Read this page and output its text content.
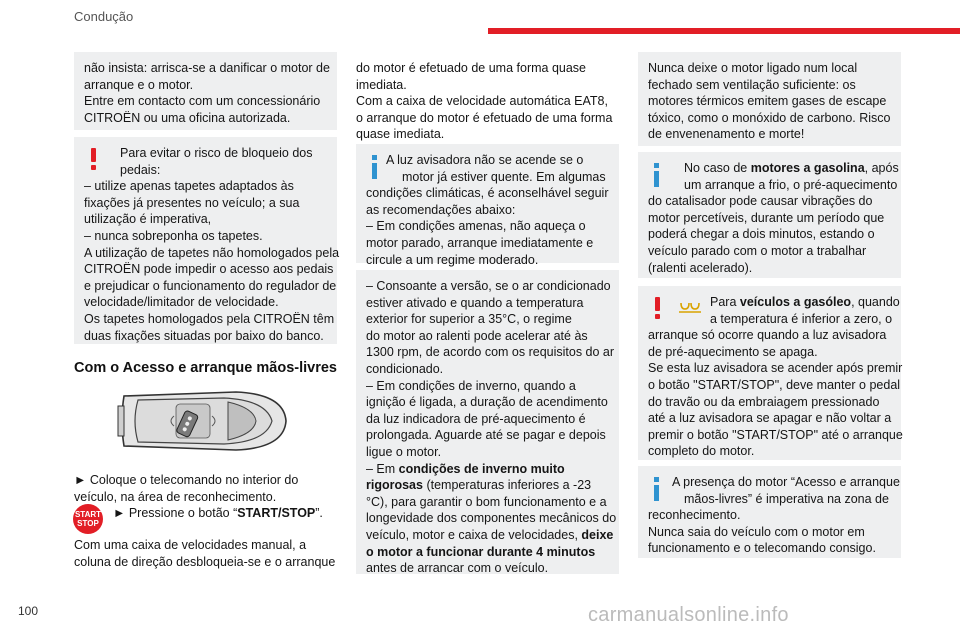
Condução
não insista: arrisca-se a danificar o motor de
arranque e o motor.
Entre em contacto com um concessionário
CITROËN ou uma oficina autorizada.
Para evitar o risco de bloqueio dos
pedais:
– utilize apenas tapetes adaptados às
fixações já presentes no veículo; a sua
utilização é imperativa,
– nunca sobreponha os tapetes.
A utilização de tapetes não homologados pela
CITROËN pode impedir o acesso aos pedais
e prejudicar o funcionamento do regulador de
velocidade/limitador de velocidade.
Os tapetes homologados pela CITROËN têm
duas fixações situadas por baixo do banco.
Com o Acesso e arranque mãos-livres
► Coloque o telecomando no interior do
veículo, na área de reconhecimento.
START
STOP
► Pressione o botão “START/STOP”.
Com uma caixa de velocidades manual, a
coluna de direção desbloqueia-se e o arranque
do motor é efetuado de uma forma quase
imediata.
Com a caixa de velocidade automática EAT8,
o arranque do motor é efetuado de uma forma
quase imediata.
A luz avisadora não se acende se o
motor já estiver quente. Em algumas
condições climáticas, é aconselhável seguir
as recomendações abaixo:
– Em condições amenas, não aqueça o
motor parado, arranque imediatamente e
circule a um regime moderado.
– Consoante a versão, se o ar condicionado
estiver ativado e quando a temperatura
exterior for superior a 35°C, o regime
do motor ao ralenti pode acelerar até às
1300 rpm, de acordo com os requisitos do ar
condicionado.
– Em condições de inverno, quando a
ignição é ligada, a duração de acendimento
da luz indicadora de pré-aquecimento é
prolongada. Aguarde até se pagar e depois
ligue o motor.
– Em condições de inverno muito
rigorosas (temperaturas inferiores a -23
°C), para garantir o bom funcionamento e a
longevidade dos componentes mecânicos do
veículo, motor e caixa de velocidades, deixe
o motor a funcionar durante 4 minutos
antes de arrancar com o veículo.
Nunca deixe o motor ligado num local
fechado sem ventilação suficiente: os
motores térmicos emitem gases de escape
tóxico, como o monóxido de carbono. Risco
de envenenamento e morte!
No caso de motores a gasolina, após
um arranque a frio, o pré-aquecimento
do catalisador pode causar vibrações do
motor percetíveis, durante um período que
poderá chegar a dois minutos, estando o
veículo parado com o motor a trabalhar
(ralenti acelerado).
Para veículos a gasóleo, quando
a temperatura é inferior a zero, o
arranque só ocorre quando a luz avisadora
de pré-aquecimento se apaga.
Se esta luz avisadora se acender após premir
o botão "START/STOP", deve manter o pedal
do travão ou da embraiagem pressionado
até a luz avisadora se apagar e não voltar a
premir o botão "START/STOP" até o arranque
completo do motor.
A presença do motor “Acesso e arranque
mãos-livres” é imperativa na zona de
reconhecimento.
Nunca saia do veículo com o motor em
funcionamento e o telecomando consigo.
100	carmanualsonline.info
